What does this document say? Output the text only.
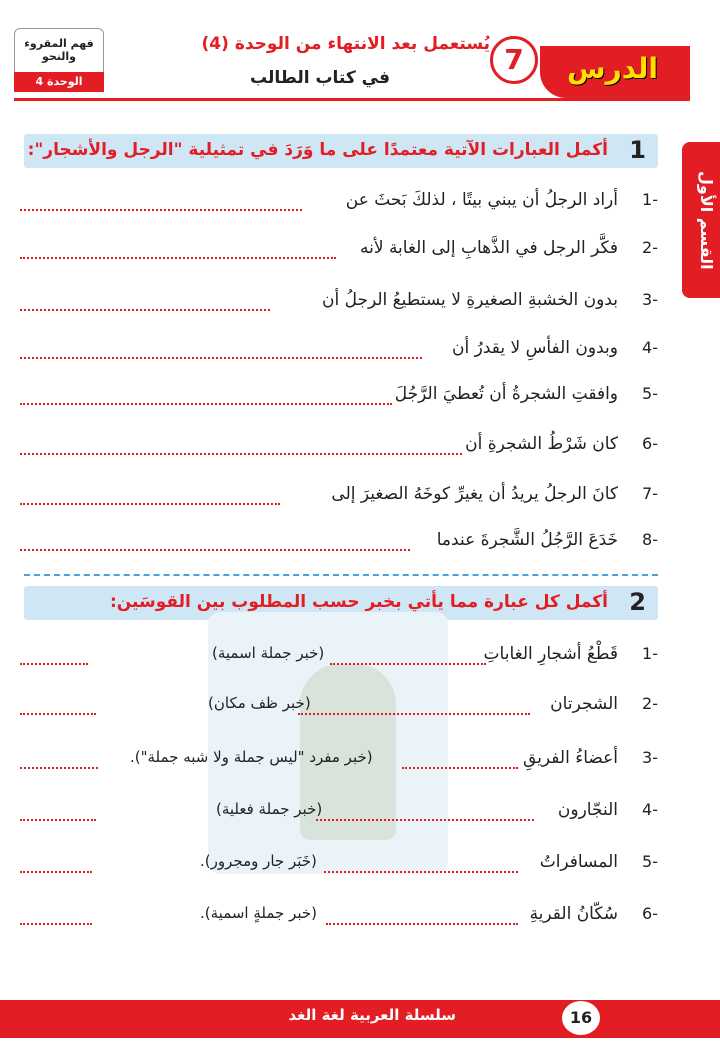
فهم المقروء والنحو
الوحدة 4
يُستعمل بعد الانتهاء من الوحدة (4)
في كتاب الطالب	الدرس
7
القسم الأول
1
أكمل العبارات الآتية معتمدًا على ما وَرَدَ في تمثيلية "الرجل والأشجار":
-1
أراد الرجلُ أن يبني بيتًا ، لذلكَ بَحثَ عن
-2
فكَّر الرجل في الذَّهابِ إلى الغابة لأنه
-3
بدون الخشبةِ الصغيرةِ لا يستطيعُ الرجلُ أن
-4
وبدون الفأسِ لا يقدرُ أن
-5
وافقتِ الشجرةُ أن تُعطيَ الرَّجُلَ
-6
كان شَرْطُ الشجرةِ أن
-7
كانَ الرجلُ يريدُ أن يغيرِّ كوخَهُ الصغيرَ إلى
-8
خَدَعَ الرَّجُلُ الشَّجرةَ عندما
2
أكمل كل عبارة مما يأتي بخبر حسب المطلوب بين القوسَين:
-1
قَطْعُ أشجارِ الغاباتِ
(خبر جملة اسمية)
-2
الشجرتان
(خبر ظف مكان)
-3
أعضاءُ الفريقِ
(خبر مفرد "ليس جملة ولا شبه جملة").
-4
النجّارون
(خبر جملة فعلية)
-5
المسافراتُ
(خَبَر جار ومجرور).
-6
سُكّانُ القريةِ
(خبر جملةٍ اسمية).
سلسلة العربية لغة الغد	16
